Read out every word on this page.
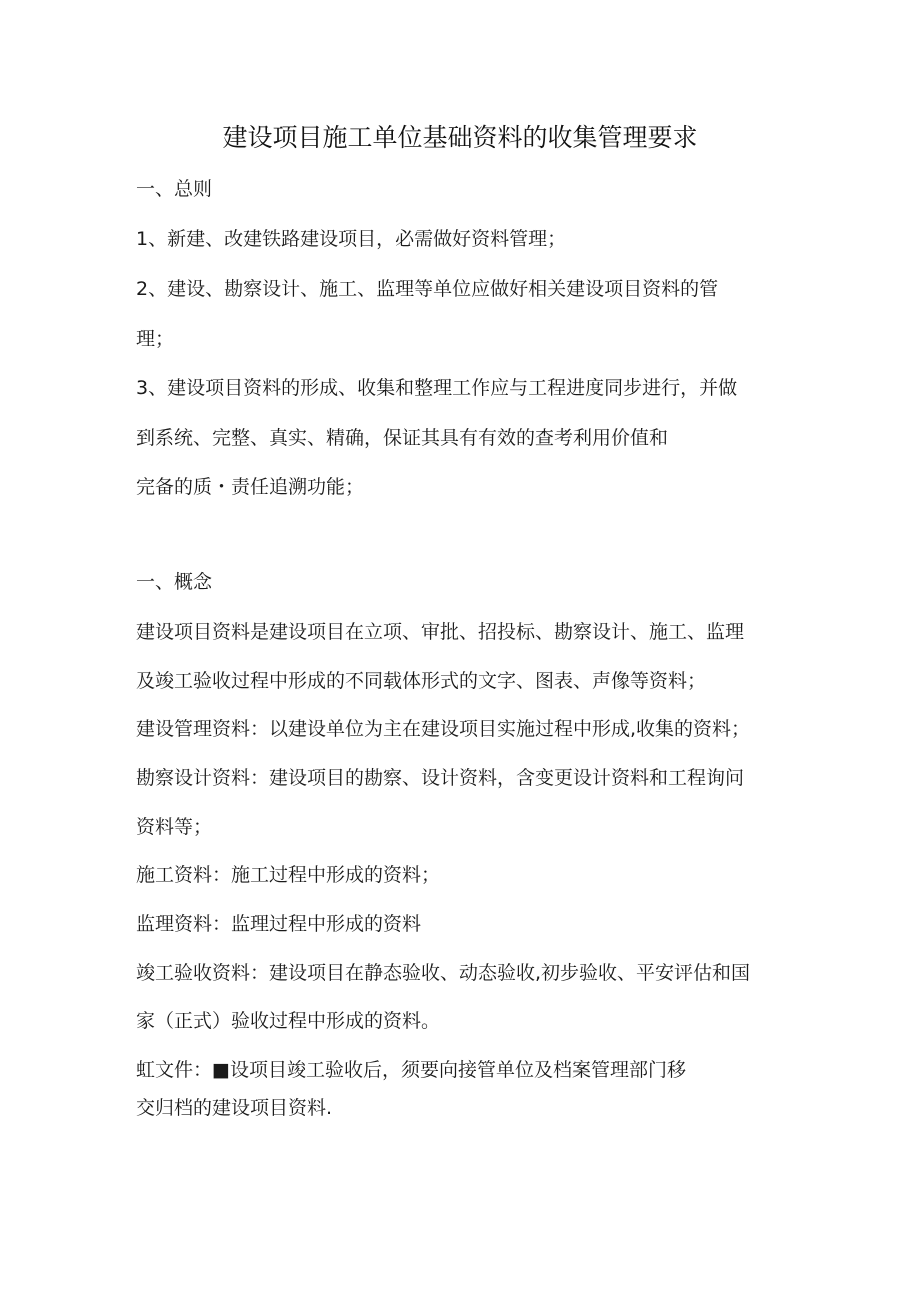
建设项目施工单位基础资料的收集管理要求
一、总则
1、新建、改建铁路建设项目，必需做好资料管理；
2、建设、勘察设计、施工、监理等单位应做好相关建设项目资料的管
理；
3、建设项目资料的形成、收集和整理工作应与工程进度同步进行，并做
到系统、完整、真实、精确，保证其具有有效的查考利用价值和
完备的质・责任追溯功能；
一、概念
建设项目资料是建设项目在立项、审批、招投标、勘察设计、施工、监理
及竣工验收过程中形成的不同载体形式的文字、图表、声像等资料；
建设管理资料：以建设单位为主在建设项目实施过程中形成,收集的资料；
勘察设计资料：建设项目的勘察、设计资料，含变更设计资料和工程询问
资料等；
施工资料：施工过程中形成的资料；
监理资料：监理过程中形成的资料
竣工验收资料：建设项目在静态验收、动态验收,初步验收、平安评估和国
家（正式）验收过程中形成的资料。
虹文件：■设项目竣工验收后，须要向接管单位及档案管理部门移
交归档的建设项目资料.
